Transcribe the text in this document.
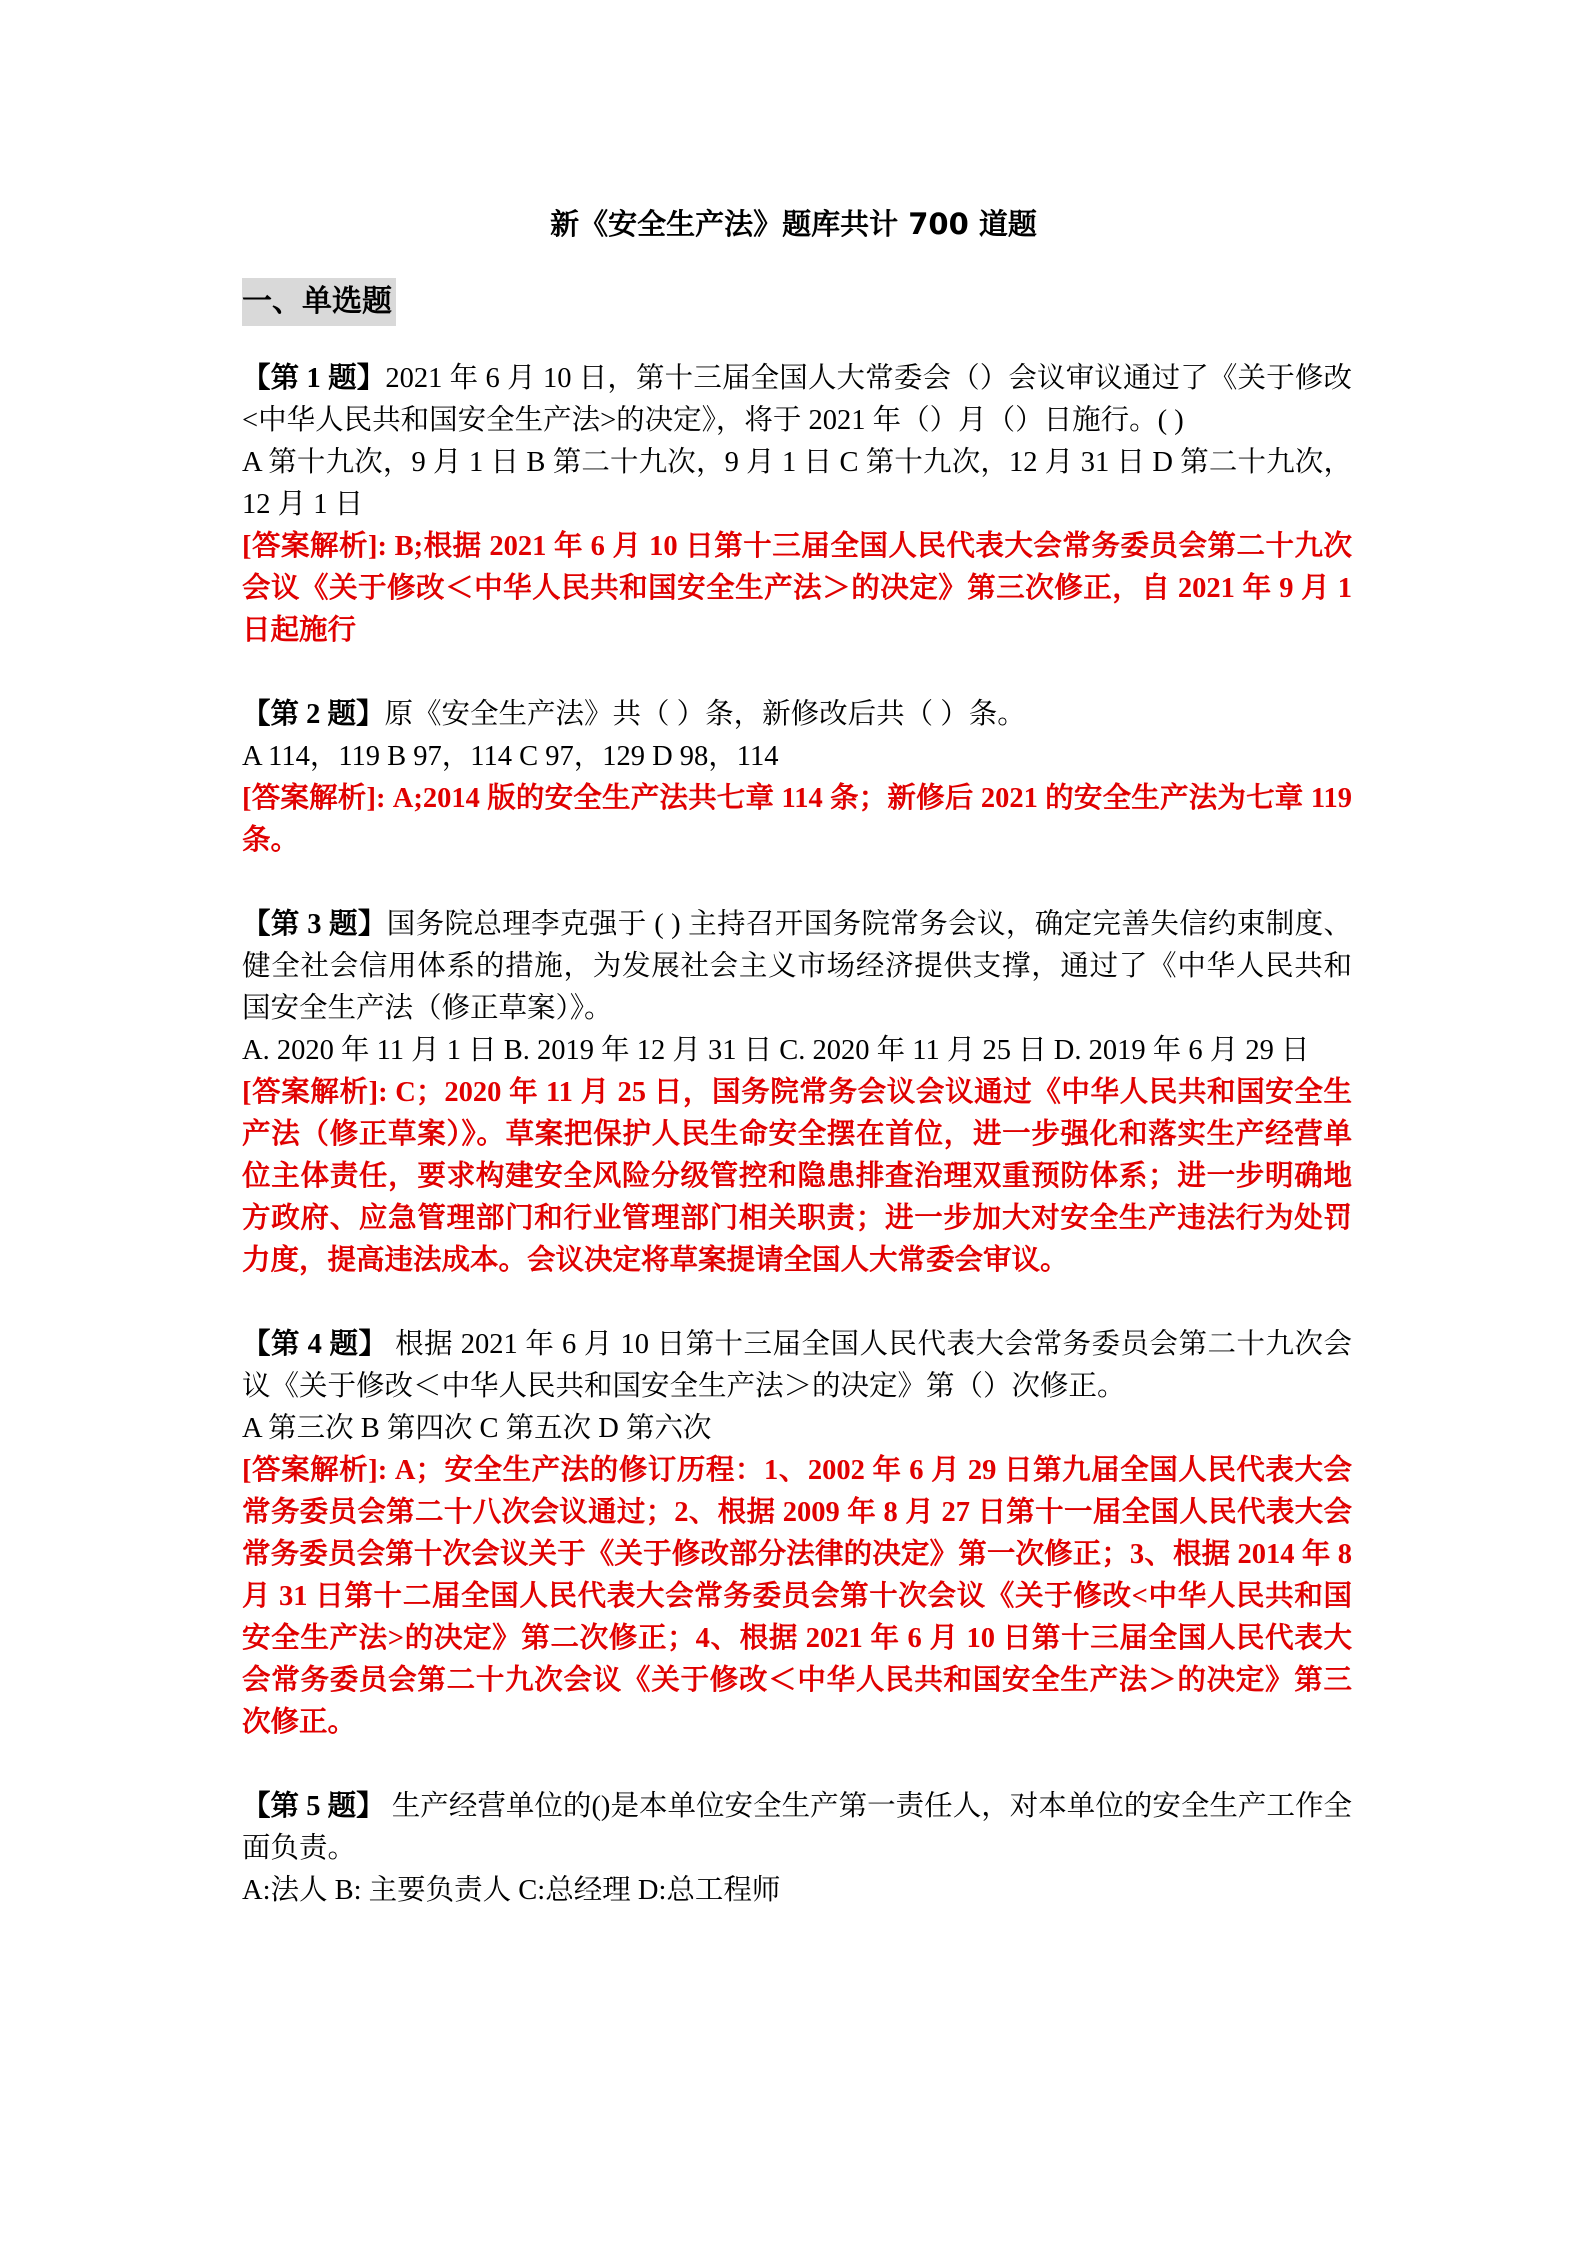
新《安全生产法》题库共计 700 道题
一、单选题

【第 1 题】2021 年 6 月 10 日，第十三届全国人大常委会（）会议审议通过了《关于修改<中华人民共和国安全生产法>的决定》，将于 2021 年（）月（）日施行。( )

A 第十九次，9 月 1 日 B 第二十九次，9 月 1 日 C 第十九次，12 月 31 日 D 第二十九次，12 月 1 日

[答案解析]: B;根据 2021 年 6 月 10 日第十三届全国人民代表大会常务委员会第二十九次会议《关于修改＜中华人民共和国安全生产法＞的决定》第三次修正，自 2021 年 9 月 1 日起施行

【第 2 题】原《安全生产法》共（ ）条，新修改后共（ ）条。

A 114，119 B 97，114 C 97，129 D 98，114

[答案解析]: A;2014 版的安全生产法共七章 114 条；新修后 2021 的安全生产法为七章 119 条。

【第 3 题】国务院总理李克强于 ( ) 主持召开国务院常务会议，确定完善失信约束制度、健全社会信用体系的措施，为发展社会主义市场经济提供支撑，通过了《中华人民共和国安全生产法（修正草案）》。

A. 2020 年 11 月 1 日 B. 2019 年 12 月 31 日 C. 2020 年 11 月 25 日 D. 2019 年 6 月 29 日

[答案解析]: C；2020 年 11 月 25 日，国务院常务会议会议通过《中华人民共和国安全生产法（修正草案）》。草案把保护人民生命安全摆在首位，进一步强化和落实生产经营单位主体责任，要求构建安全风险分级管控和隐患排查治理双重预防体系；进一步明确地方政府、应急管理部门和行业管理部门相关职责；进一步加大对安全生产违法行为处罚力度，提高违法成本。会议决定将草案提请全国人大常委会审议。

【第 4 题】 根据 2021 年 6 月 10 日第十三届全国人民代表大会常务委员会第二十九次会议《关于修改＜中华人民共和国安全生产法＞的决定》第（）次修正。

A 第三次 B 第四次 C 第五次 D 第六次

[答案解析]: A；安全生产法的修订历程：1、2002 年 6 月 29 日第九届全国人民代表大会常务委员会第二十八次会议通过；2、根据 2009 年 8 月 27 日第十一届全国人民代表大会常务委员会第十次会议关于《关于修改部分法律的决定》第一次修正；3、根据 2014 年 8 月 31 日第十二届全国人民代表大会常务委员会第十次会议《关于修改<中华人民共和国安全生产法>的决定》第二次修正；4、根据 2021 年 6 月 10 日第十三届全国人民代表大会常务委员会第二十九次会议《关于修改＜中华人民共和国安全生产法＞的决定》第三次修正。

【第 5 题】 生产经营单位的()是本单位安全生产第一责任人，对本单位的安全生产工作全面负责。

A:法人 B: 主要负责人 C:总经理 D:总工程师
